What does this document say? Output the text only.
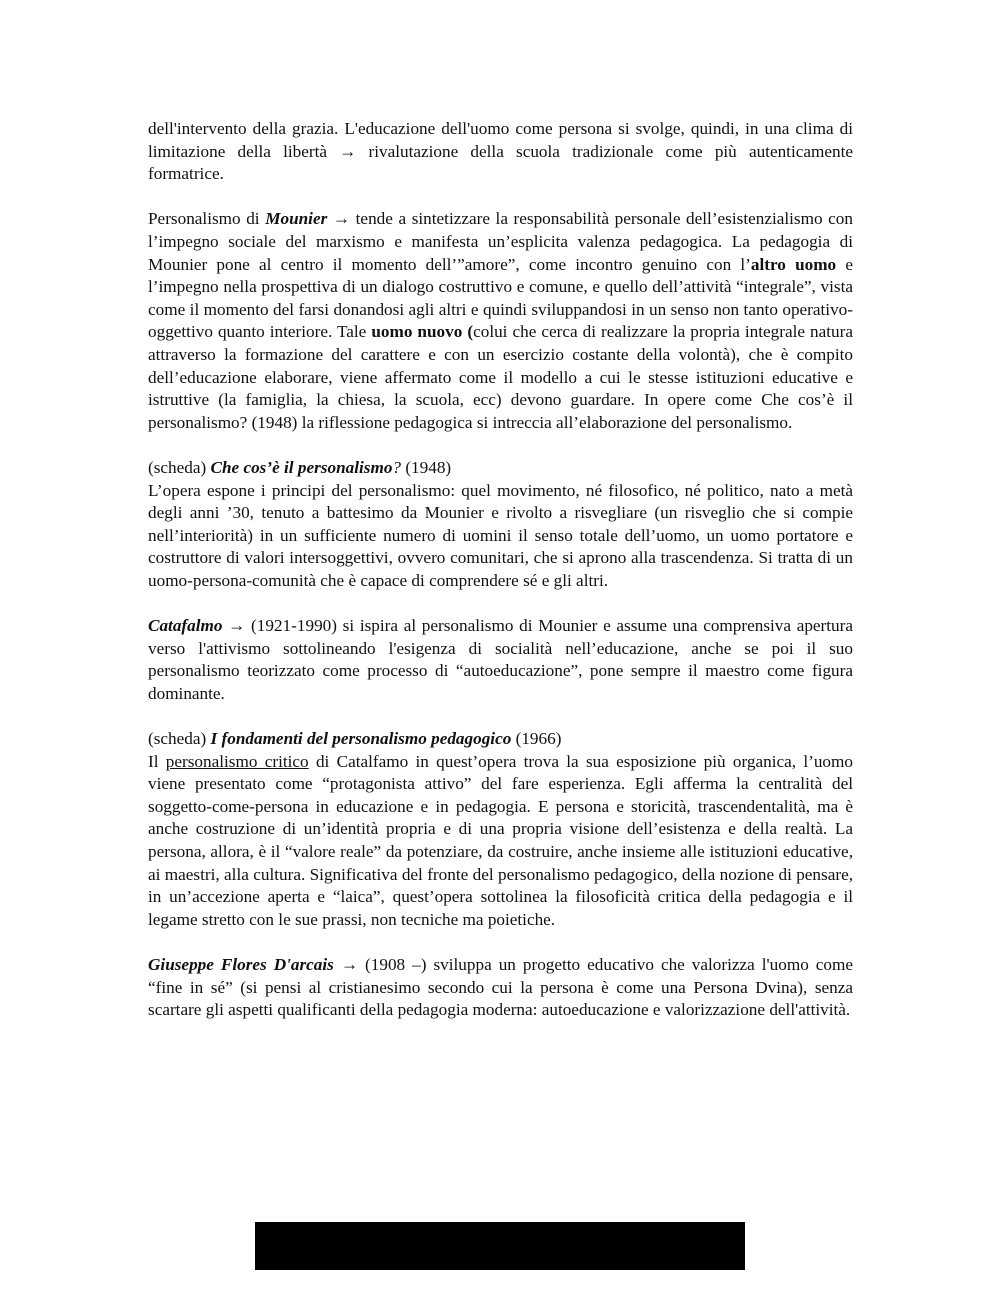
dell'intervento della grazia. L'educazione dell'uomo come persona si svolge, quindi, in una clima di limitazione della libertà → rivalutazione della scuola tradizionale come più autenticamente formatrice.

Personalismo di Mounier → tende a sintetizzare la responsabilità personale dell’esistenzialismo con l’impegno sociale del marxismo e manifesta un’esplicita valenza pedagogica. La pedagogia di Mounier pone al centro il momento dell’”amore”, come incontro genuino con l’altro uomo e l’impegno nella prospettiva di un dialogo costruttivo e comune, e quello dell’attività “integrale”, vista come il momento del farsi donandosi agli altri e quindi sviluppandosi in un senso non tanto operativo-oggettivo quanto interiore. Tale uomo nuovo (colui che cerca di realizzare la propria integrale natura attraverso la formazione del carattere e con un esercizio costante della volontà), che è compito dell’educazione elaborare, viene affermato come il modello a cui le stesse istituzioni educative e istruttive (la famiglia, la chiesa, la scuola, ecc) devono guardare. In opere come Che cos’è il personalismo? (1948) la riflessione pedagogica si intreccia all’elaborazione del personalismo.

(scheda) Che cos’è il personalismo? (1948)

L’opera espone i principi del personalismo: quel movimento, né filosofico, né politico, nato a metà degli anni ’30, tenuto a battesimo da Mounier e rivolto a risvegliare (un risveglio che si compie nell’interiorità) in un sufficiente numero di uomini il senso totale dell’uomo, un uomo portatore e costruttore di valori intersoggettivi, ovvero comunitari, che si aprono alla trascendenza. Si tratta di un uomo-persona-comunità che è capace di comprendere sé e gli altri.

Catafalmo → (1921-1990) si ispira al personalismo di Mounier e assume una comprensiva apertura verso l'attivismo sottolineando l'esigenza di socialità nell’educazione, anche se poi il suo personalismo teorizzato come processo di “autoeducazione”, pone sempre il maestro come figura dominante.

(scheda) I fondamenti del personalismo pedagogico (1966)

Il personalismo critico di Catalfamo in quest’opera trova la sua esposizione più organica, l’uomo viene presentato come “protagonista attivo” del fare esperienza. Egli afferma la centralità del soggetto-come-persona in educazione e in pedagogia. E persona e storicità, trascendentalità, ma è anche costruzione di un’identità propria e di una propria visione dell’esistenza e della realtà. La persona, allora, è il “valore reale” da potenziare, da costruire, anche insieme alle istituzioni educative, ai maestri, alla cultura. Significativa del fronte del personalismo pedagogico, della nozione di pensare, in un’accezione aperta e “laica”, quest’opera sottolinea la filosoficità critica della pedagogia e il legame stretto con le sue prassi, non tecniche ma poietiche.

Giuseppe Flores D'arcais → (1908 –) sviluppa un progetto educativo che valorizza l'uomo come “fine in sé” (si pensi al cristianesimo secondo cui la persona è come una Persona Dvina), senza scartare gli aspetti qualificanti della pedagogia moderna: autoeducazione e valorizzazione dell'attività.
